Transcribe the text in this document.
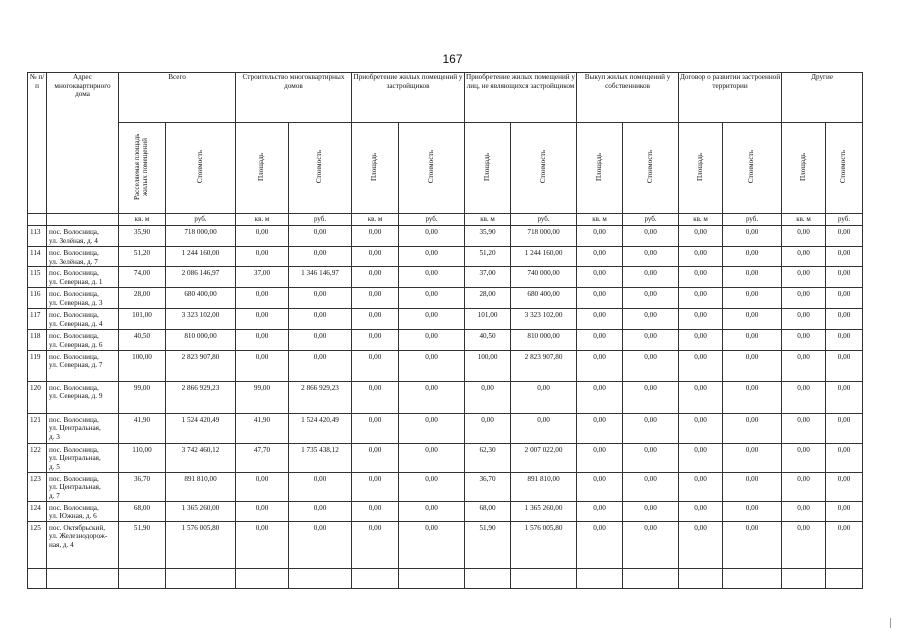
167
№ п/п	Адрес многоквартирного дома	Всего		Строительство многоквартирных домов		Приобретение жилых помещений у застройщиков		Приобретение жилых помещений у лиц, не являющихся застройщиком		Выкуп жилых помещений у собственников		Договор о развитии застроенной территории		Другие	
		Расселяемая площадь жилых помещений	Стоимость	Площадь	Стоимость	Площадь	Стоимость	Площадь	Стоимость	Площадь	Стоимость	Площадь	Стоимость	Площадь	Стоимость
		кв. м	руб.	кв. м	руб.	кв. м	руб.	кв. м	руб.	кв. м	руб.	кв. м	руб.	кв. м	руб.
113	пос. Волосница,
ул. Зелёная, д. 4	35,90	718 000,00	0,00	0,00	0,00	0,00	35,90	718 000,00	0,00	0,00	0,00	0,00	0,00	0,00
114	пос. Волосница,
ул. Зелёная, д. 7	51,20	1 244 160,00	0,00	0,00	0,00	0,00	51,20	1 244 160,00	0,00	0,00	0,00	0,00	0,00	0,00
115	пос. Волосница,
ул. Северная, д. 1	74,00	2 086 146,97	37,00	1 346 146,97	0,00	0,00	37,00	740 000,00	0,00	0,00	0,00	0,00	0,00	0,00
116	пос. Волосница,
ул. Северная, д. 3	28,00	680 400,00	0,00	0,00	0,00	0,00	28,00	680 400,00	0,00	0,00	0,00	0,00	0,00	0,00
117	пос. Волосница,
ул. Северная, д. 4	101,00	3 323 102,00	0,00	0,00	0,00	0,00	101,00	3 323 102,00	0,00	0,00	0,00	0,00	0,00	0,00
118	пос. Волосница,
ул. Северная, д. 6	40,50	810 000,00	0,00	0,00	0,00	0,00	40,50	810 000,00	0,00	0,00	0,00	0,00	0,00	0,00
119	пос. Волосница,
ул. Северная, д. 7	100,00	2 823 907,80	0,00	0,00	0,00	0,00	100,00	2 823 907,80	0,00	0,00	0,00	0,00	0,00	0,00
120	пос. Волосница,
ул. Северная, д. 9	99,00	2 866 929,23	99,00	2 866 929,23	0,00	0,00	0,00	0,00	0,00	0,00	0,00	0,00	0,00	0,00
121	пос. Волосница,
ул. Центральная,
д. 3	41,90	1 524 420,49	41,90	1 524 420,49	0,00	0,00	0,00	0,00	0,00	0,00	0,00	0,00	0,00	0,00
122	пос. Волосница,
ул. Центральная,
д. 5	110,00	3 742 460,12	47,70	1 735 438,12	0,00	0,00	62,30	2 007 022,00	0,00	0,00	0,00	0,00	0,00	0,00
123	пос. Волосница,
ул. Центральная,
д. 7	36,70	891 810,00	0,00	0,00	0,00	0,00	36,70	891 810,00	0,00	0,00	0,00	0,00	0,00	0,00
124	пос. Волосница,
ул. Южная, д. 6	68,00	1 365 260,00	0,00	0,00	0,00	0,00	68,00	1 365 260,00	0,00	0,00	0,00	0,00	0,00	0,00
125	пос. Октябрьский,
ул. Железнодорож-
ная, д. 4	51,90	1 576 005,80	0,00	0,00	0,00	0,00	51,90	1 576 005,80	0,00	0,00	0,00	0,00	0,00	0,00
